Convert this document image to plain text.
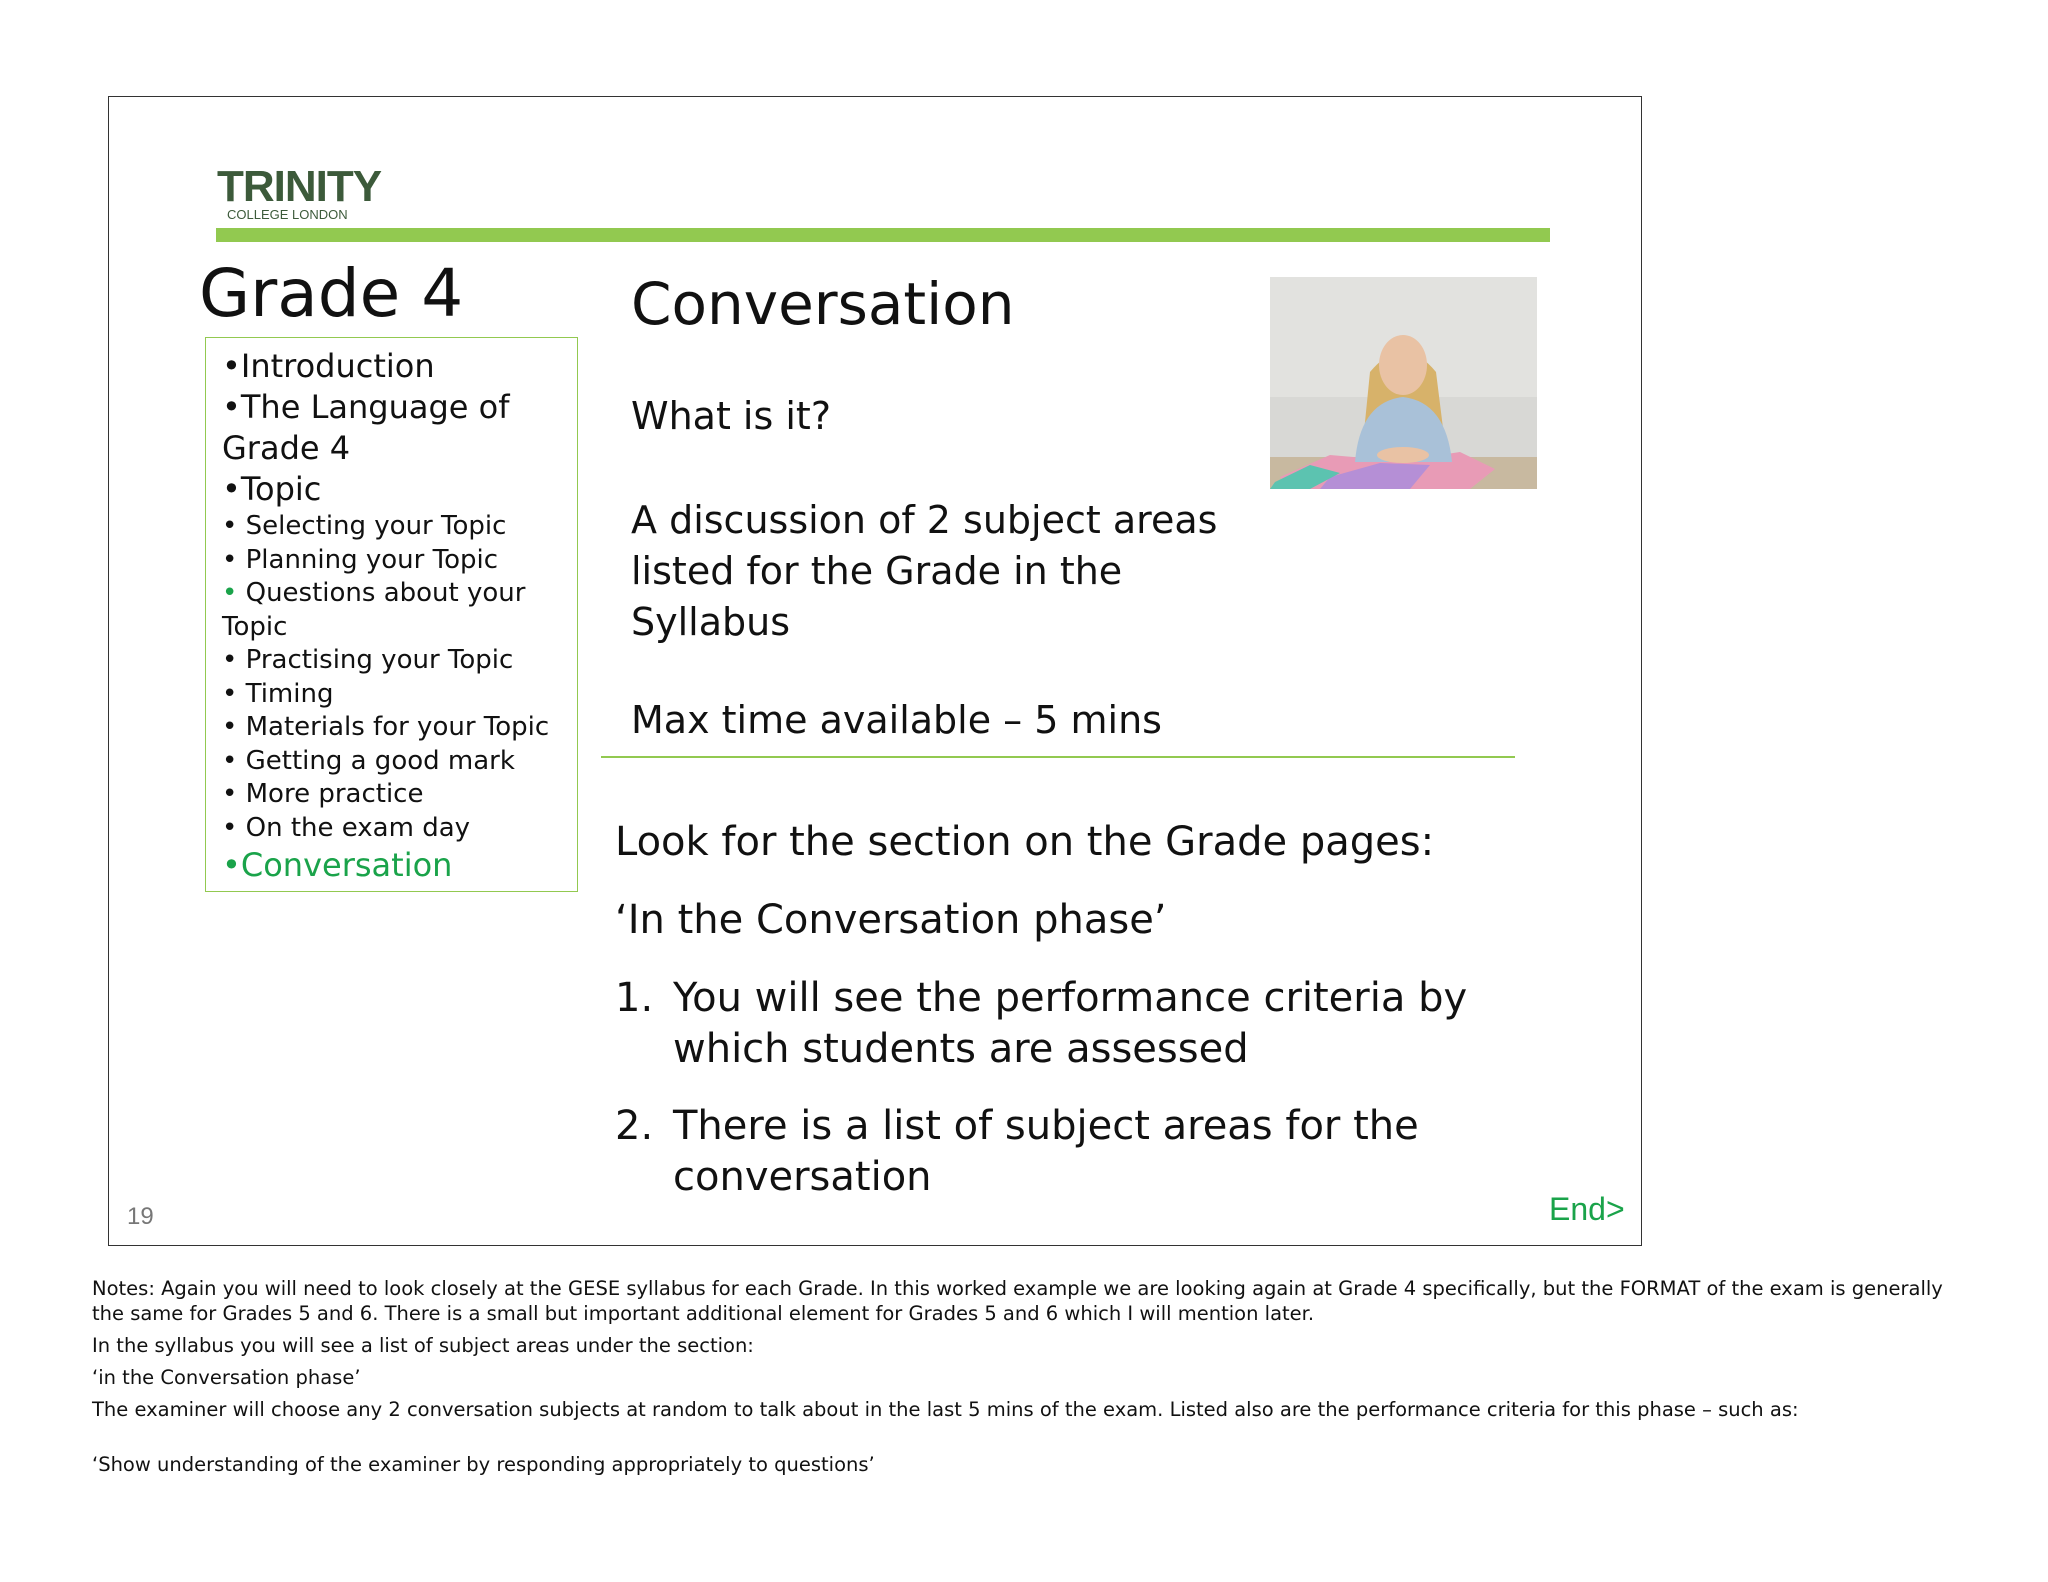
TRINITY
COLLEGE LONDON
Grade 4
•Introduction
•The Language of Grade 4
•Topic
• Selecting your Topic
• Planning your Topic
• Questions about your Topic
• Practising your Topic
• Timing
• Materials for your Topic
• Getting a good mark
• More practice
• On the exam day
•Conversation
Conversation
What is it?
A discussion of 2 subject areas listed for the Grade in the Syllabus
Max time available – 5 mins
Look for the section on the Grade pages:
‘In the Conversation phase’
1. You will see the performance criteria by which students are assessed
2. There is a list of subject areas for the conversation
19	End>

Notes: Again you will need to look closely at the GESE syllabus for each Grade. In this worked example we are looking again at Grade 4 specifically, but the FORMAT of the exam is generally the same for Grades 5 and 6. There is a small but important additional element for Grades 5 and 6 which I will mention later.

In the syllabus you will see a list of subject areas under the section:

‘in the Conversation phase’

The examiner will choose any 2 conversation subjects at random to talk about in the last 5 mins of the exam. Listed also are the performance criteria for this phase – such as:

‘Show understanding of the examiner by responding appropriately to questions’
